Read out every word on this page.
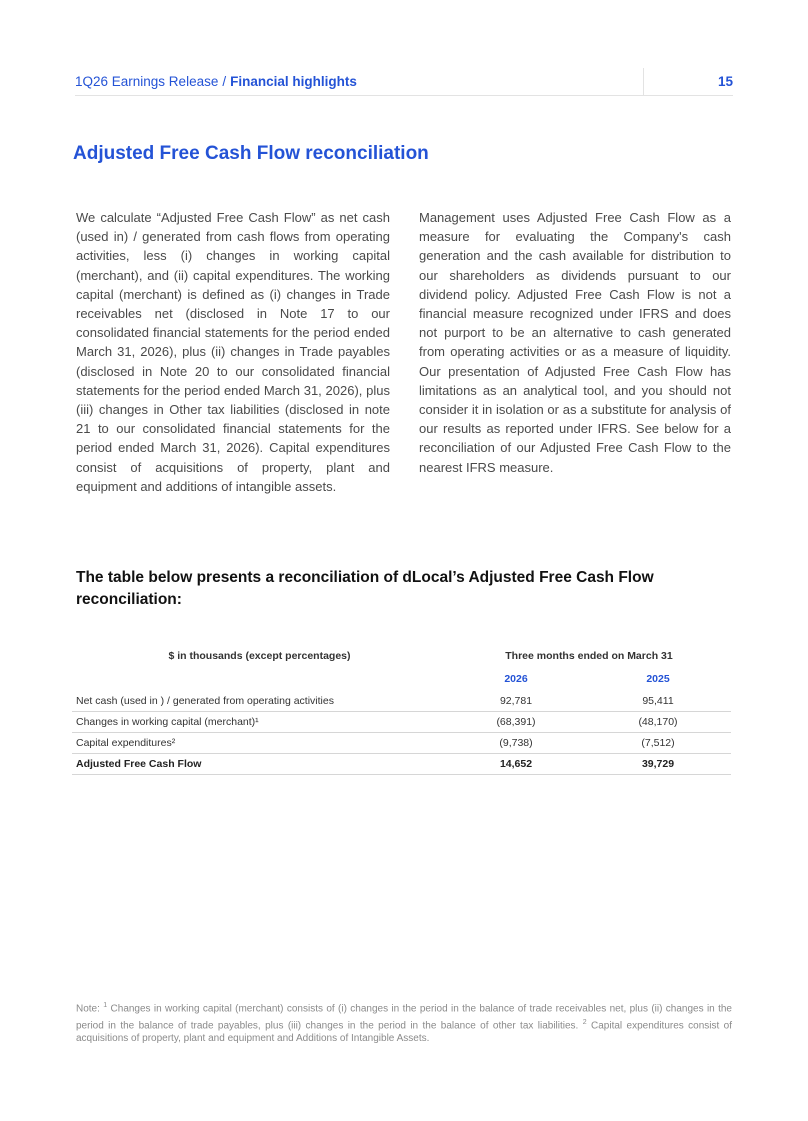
1Q26 Earnings Release / Financial highlights	15
Adjusted Free Cash Flow reconciliation

We calculate “Adjusted Free Cash Flow” as net cash (used in) / generated from cash flows from operating activities, less (i) changes in working capital (merchant), and (ii) capital expenditures. The working capital (merchant) is defined as (i) changes in Trade receivables net (disclosed in Note 17 to our consolidated financial statements for the period ended March 31, 2026), plus (ii) changes in Trade payables (disclosed in Note 20 to our consolidated financial statements for the period ended March 31, 2026), plus (iii) changes in Other tax liabilities (disclosed in note 21 to our consolidated financial statements for the period ended March 31, 2026). Capital expenditures consist of acquisitions of property, plant and equipment and additions of intangible assets.

Management uses Adjusted Free Cash Flow as a measure for evaluating the Company's cash generation and the cash available for distribution to our shareholders as dividends pursuant to our dividend policy. Adjusted Free Cash Flow is not a financial measure recognized under IFRS and does not purport to be an alternative to cash generated from operating activities or as a measure of liquidity. Our presentation of Adjusted Free Cash Flow has limitations as an analytical tool, and you should not consider it in isolation or as a substitute for analysis of our results as reported under IFRS. See below for a reconciliation of our Adjusted Free Cash Flow to the nearest IFRS measure.

The table below presents a reconciliation of dLocal’s Adjusted Free Cash Flow reconciliation:
$ in thousands (except percentages)	Three months ended on March 31
2026	2025
Net cash (used in ) / generated from operating activities	92,781	95,411
Changes in working capital (merchant)¹	(68,391)	(48,170)
Capital expenditures²	(9,738)	(7,512)
Adjusted Free Cash Flow	14,652	39,729

Note: $^1$ Changes in working capital (merchant) consists of (i) changes in the period in the balance of trade receivables net, plus (ii) changes in the period in the balance of trade payables, plus (iii) changes in the period in the balance of other tax liabilities. $^2$ Capital expenditures consist of acquisitions of property, plant and equipment and Additions of Intangible Assets.
